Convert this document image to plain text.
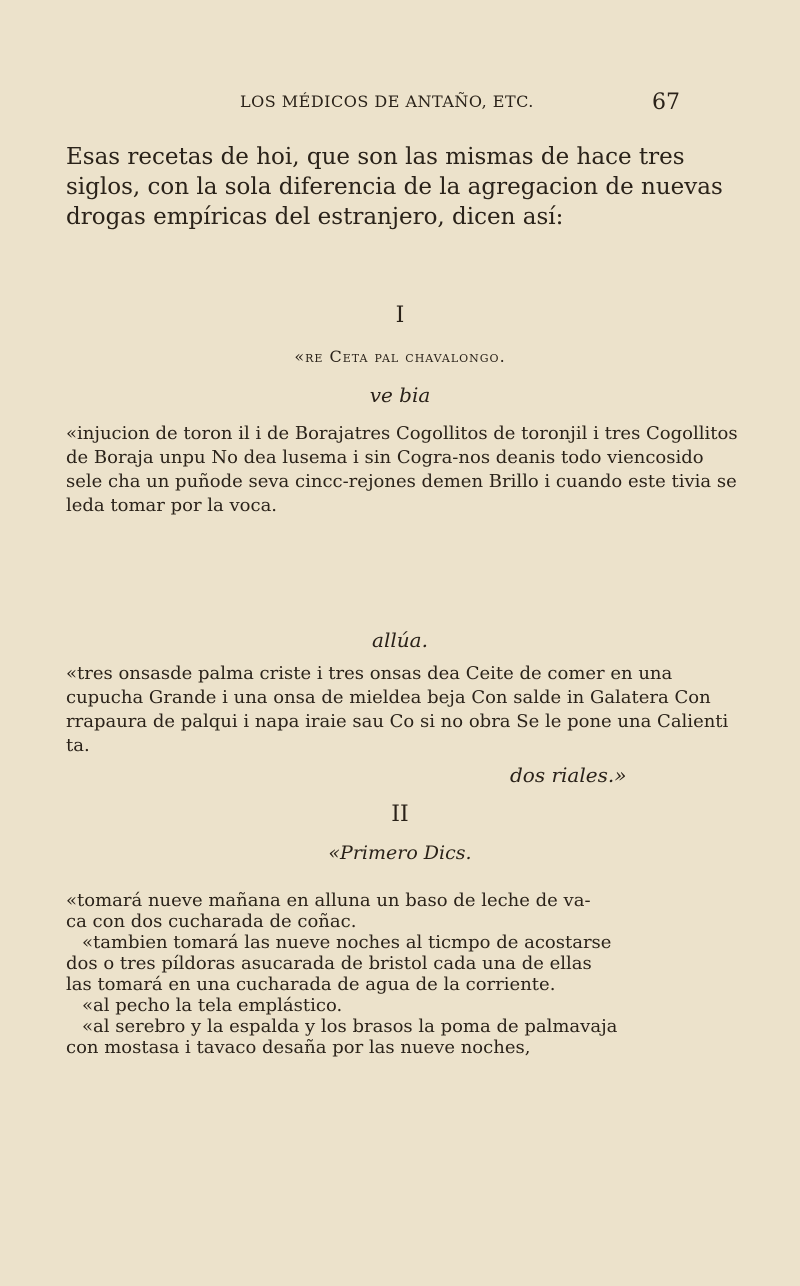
LOS MÉDICOS DE ANTAÑO, ETC.	67
Esas recetas de hoi, que son las mismas de hace tres siglos, con la sola diferencia de la agregacion de nuevas drogas empíricas del estranjero, dicen así:
I
«re Ceta pal chavalongo.
ve bia
«injucion de toron il i de Borajatres Cogollitos de toronjil i tres Cogollitos de Boraja unpu No dea lusema i sin Cogra-nos deanis todo viencosido sele cha un puñode seva cincc-rejones demen Brillo i cuando este tivia se leda tomar por la voca.
allúa.
«tres onsasde palma criste i tres onsas dea Ceite de comer en una cupucha Grande i una onsa de mieldea beja Con salde in Galatera Con rrapaura de palqui i napa iraie sau Co si no obra Se le pone una Calienti ta.
dos riales.»
II
«Primero Dics.
«tomará nueve mañana en alluna un baso de leche de va-
ca con dos cucharada de coñac.
«tambien tomará las nueve noches al ticmpo de acostarse
dos o tres píldoras asucarada de bristol cada una de ellas
las tomará en una cucharada de agua de la corriente.
«al pecho la tela emplástico.
«al serebro y la espalda y los brasos la poma de palmavaja
con mostasa i tavaco desaña por las nueve noches,
